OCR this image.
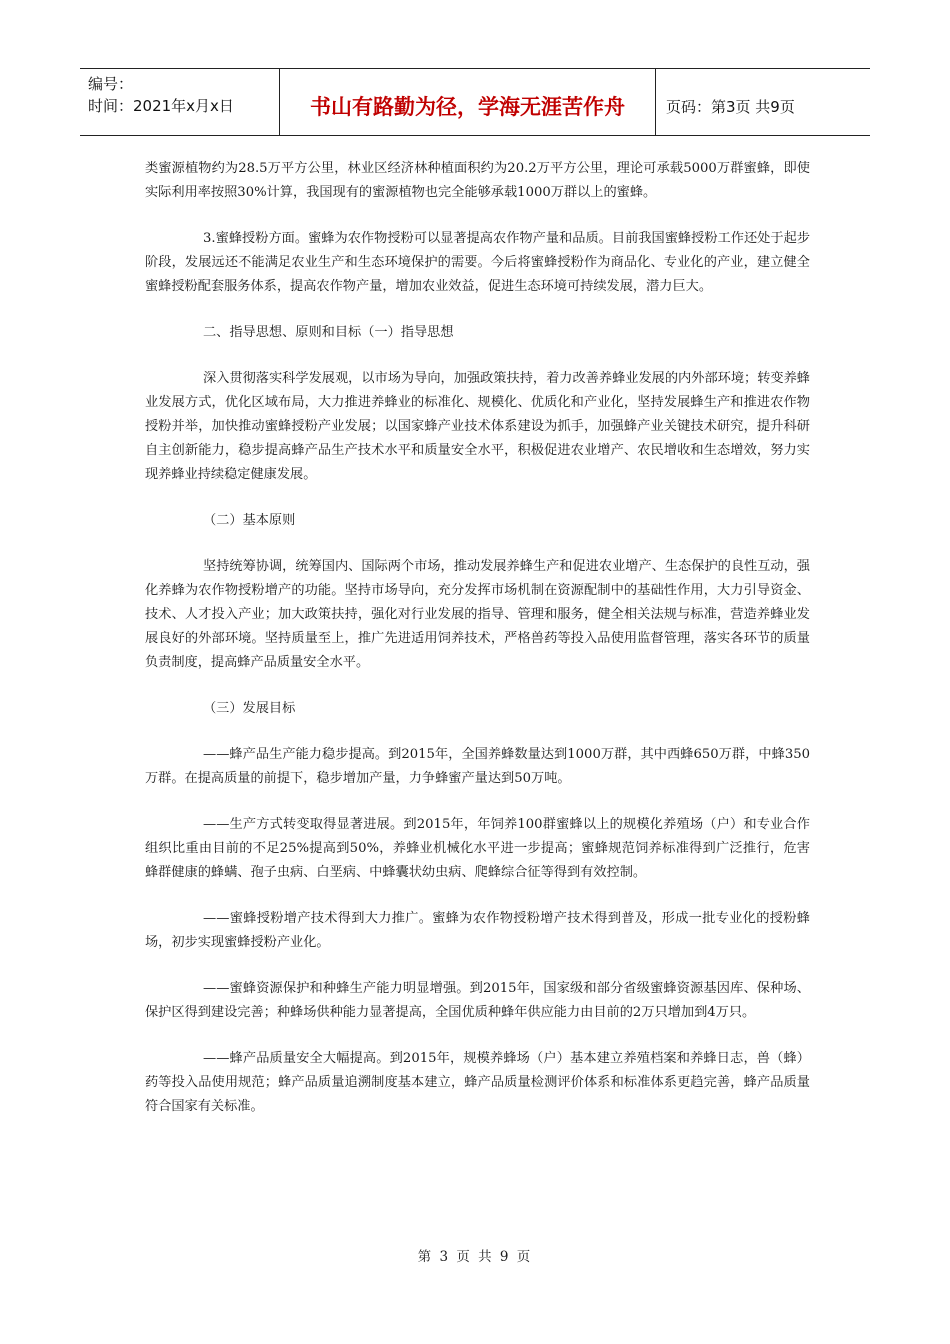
编号：
时间：2021年x月x日	书山有路勤为径，学海无涯苦作舟	页码：第3页 共9页

类蜜源植物约为28.5万平方公里，林业区经济林种植面积约为20.2万平方公里，理论可承载5000万群蜜蜂，即使实际利用率按照30%计算，我国现有的蜜源植物也完全能够承载1000万群以上的蜜蜂。

3.蜜蜂授粉方面。蜜蜂为农作物授粉可以显著提高农作物产量和品质。目前我国蜜蜂授粉工作还处于起步阶段，发展远还不能满足农业生产和生态环境保护的需要。今后将蜜蜂授粉作为商品化、专业化的产业，建立健全蜜蜂授粉配套服务体系，提高农作物产量，增加农业效益，促进生态环境可持续发展，潜力巨大。

二、指导思想、原则和目标（一）指导思想

深入贯彻落实科学发展观，以市场为导向，加强政策扶持，着力改善养蜂业发展的内外部环境；转变养蜂业发展方式，优化区域布局，大力推进养蜂业的标准化、规模化、优质化和产业化，坚持发展蜂生产和推进农作物授粉并举，加快推动蜜蜂授粉产业发展；以国家蜂产业技术体系建设为抓手，加强蜂产业关键技术研究，提升科研自主创新能力，稳步提高蜂产品生产技术水平和质量安全水平，积极促进农业增产、农民增收和生态增效，努力实现养蜂业持续稳定健康发展。

（二）基本原则

坚持统筹协调，统筹国内、国际两个市场，推动发展养蜂生产和促进农业增产、生态保护的良性互动，强化养蜂为农作物授粉增产的功能。坚持市场导向，充分发挥市场机制在资源配制中的基础性作用，大力引导资金、技术、人才投入产业；加大政策扶持，强化对行业发展的指导、管理和服务，健全相关法规与标准，营造养蜂业发展良好的外部环境。坚持质量至上，推广先进适用饲养技术，严格兽药等投入品使用监督管理，落实各环节的质量负责制度，提高蜂产品质量安全水平。

（三）发展目标

——蜂产品生产能力稳步提高。到2015年，全国养蜂数量达到1000万群，其中西蜂650万群，中蜂350万群。在提高质量的前提下，稳步增加产量，力争蜂蜜产量达到50万吨。

——生产方式转变取得显著进展。到2015年，年饲养100群蜜蜂以上的规模化养殖场（户）和专业合作组织比重由目前的不足25%提高到50%，养蜂业机械化水平进一步提高；蜜蜂规范饲养标准得到广泛推行，危害蜂群健康的蜂螨、孢子虫病、白垩病、中蜂囊状幼虫病、爬蜂综合征等得到有效控制。

——蜜蜂授粉增产技术得到大力推广。蜜蜂为农作物授粉增产技术得到普及，形成一批专业化的授粉蜂场，初步实现蜜蜂授粉产业化。

——蜜蜂资源保护和种蜂生产能力明显增强。到2015年，国家级和部分省级蜜蜂资源基因库、保种场、保护区得到建设完善；种蜂场供种能力显著提高，全国优质种蜂年供应能力由目前的2万只增加到4万只。

——蜂产品质量安全大幅提高。到2015年，规模养蜂场（户）基本建立养殖档案和养蜂日志，兽（蜂）药等投入品使用规范；蜂产品质量追溯制度基本建立，蜂产品质量检测评价体系和标准体系更趋完善，蜂产品质量符合国家有关标准。

第 3 页 共 9 页
